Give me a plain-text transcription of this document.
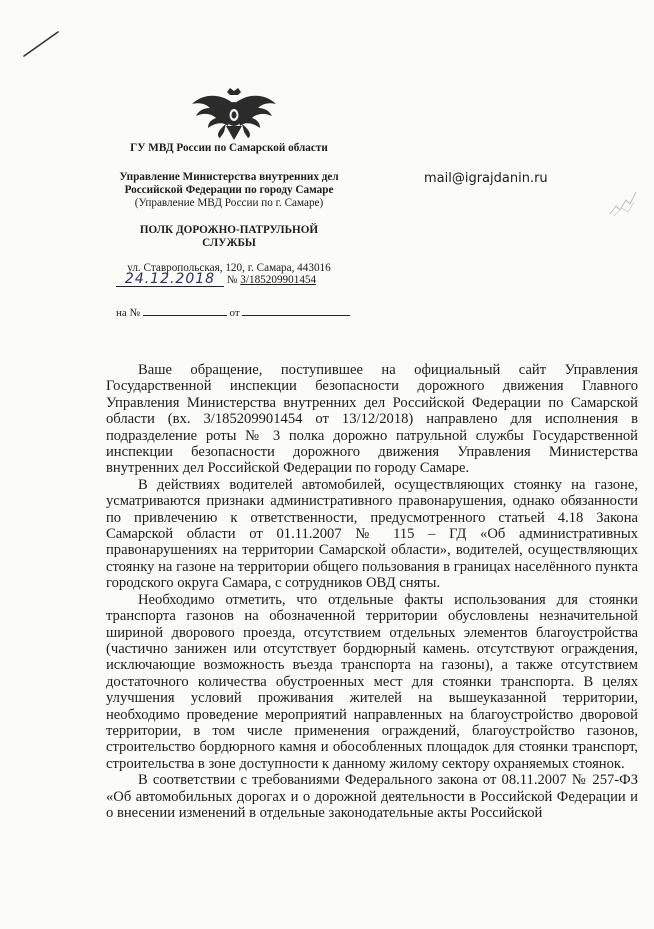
ГУ МВД России по Самарской области
Управление Министерства внутренних дел
Российской Федерации по городу Самаре
(Управление МВД России по г. Самаре)
ПОЛК ДОРОЖНО-ПАТРУЛЬНОЙ
СЛУЖБЫ
ул. Ставропольская, 120, г. Самара, 443016
24.12.2018 № 3/185209901454
на №	от
mail@igrajdanin.ru

Ваше обращение, поступившее на официальный сайт Управления Государственной инспекции безопасности дорожного движения Главного Управления Министерства внутренних дел Российской Федерации по Самарской области (вх. 3/185209901454 от 13/12/2018) направлено для исполнения в подразделение роты № 3 полка дорожно патрульной службы Государственной инспекции безопасности дорожного движения Управления Министерства внутренних дел Российской Федерации по городу Самаре.

В действиях водителей автомобилей, осуществляющих стоянку на газоне, усматриваются признаки административного правонарушения, однако обязанности по привлечению к ответственности, предусмотренного статьей 4.18 Закона Самарской области от 01.11.2007 № 115 – ГД «Об административных правонарушениях на территории Самарской области», водителей, осуществляющих стоянку на газоне на территории общего пользования в границах населённого пункта городского округа Самара, с сотрудников ОВД сняты.

Необходимо отметить, что отдельные факты использования для стоянки транспорта газонов на обозначенной территории обусловлены незначительной шириной дворового проезда, отсутствием отдельных элементов благоустройства (частично занижен или отсутствует бордюрный камень. отсутствуют ограждения, исключающие возможность въезда транспорта на газоны), а также отсутствием достаточного количества обустроенных мест для стоянки транспорта. В целях улучшения условий проживания жителей на вышеуказанной территории, необходимо проведение мероприятий направленных на благоустройство дворовой территории, в том числе применения ограждений, благоустройство газонов, строительство бордюрного камня и обособленных площадок для стоянки транспорт, строительства в зоне доступности к данному жилому сектору охраняемых стоянок.

В соответствии с требованиями Федерального закона от 08.11.2007 № 257-ФЗ «Об автомобильных дорогах и о дорожной деятельности в Российской Федерации и о внесении изменений в отдельные законодательные акты Российской
